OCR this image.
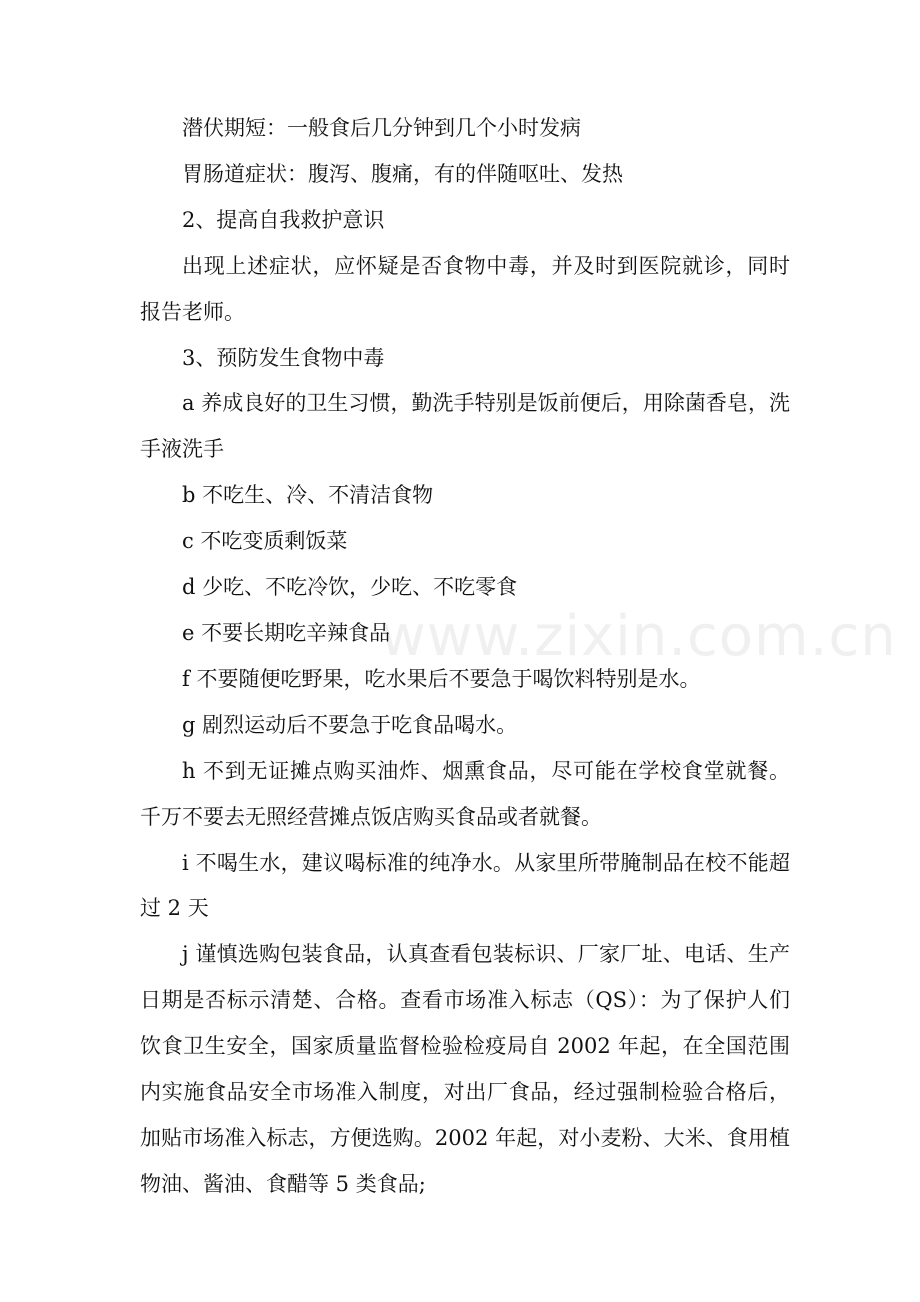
www.zixin.com.cn

潜伏期短：一般食后几分钟到几个小时发病

胃肠道症状：腹泻、腹痛，有的伴随呕吐、发热

2、提高自我救护意识

出现上述症状，应怀疑是否食物中毒，并及时到医院就诊，同时报告老师。

3、预防发生食物中毒

a 养成良好的卫生习惯，勤洗手特别是饭前便后，用除菌香皂，洗手液洗手

b 不吃生、冷、不清洁食物

c 不吃变质剩饭菜

d 少吃、不吃冷饮，少吃、不吃零食

e 不要长期吃辛辣食品

f 不要随便吃野果，吃水果后不要急于喝饮料特别是水。

g 剧烈运动后不要急于吃食品喝水。

h 不到无证摊点购买油炸、烟熏食品，尽可能在学校食堂就餐。千万不要去无照经营摊点饭店购买食品或者就餐。

i 不喝生水，建议喝标准的纯净水。从家里所带腌制品在校不能超过 2 天

j 谨慎选购包装食品，认真查看包装标识、厂家厂址、电话、生产日期是否标示清楚、合格。查看市场准入标志（QS）：为了保护人们饮食卫生安全，国家质量监督检验检疫局自 2002 年起，在全国范围内实施食品安全市场准入制度，对出厂食品，经过强制检验合格后，加贴市场准入标志，方便选购。2002 年起，对小麦粉、大米、食用植物油、酱油、食醋等 5 类食品;
